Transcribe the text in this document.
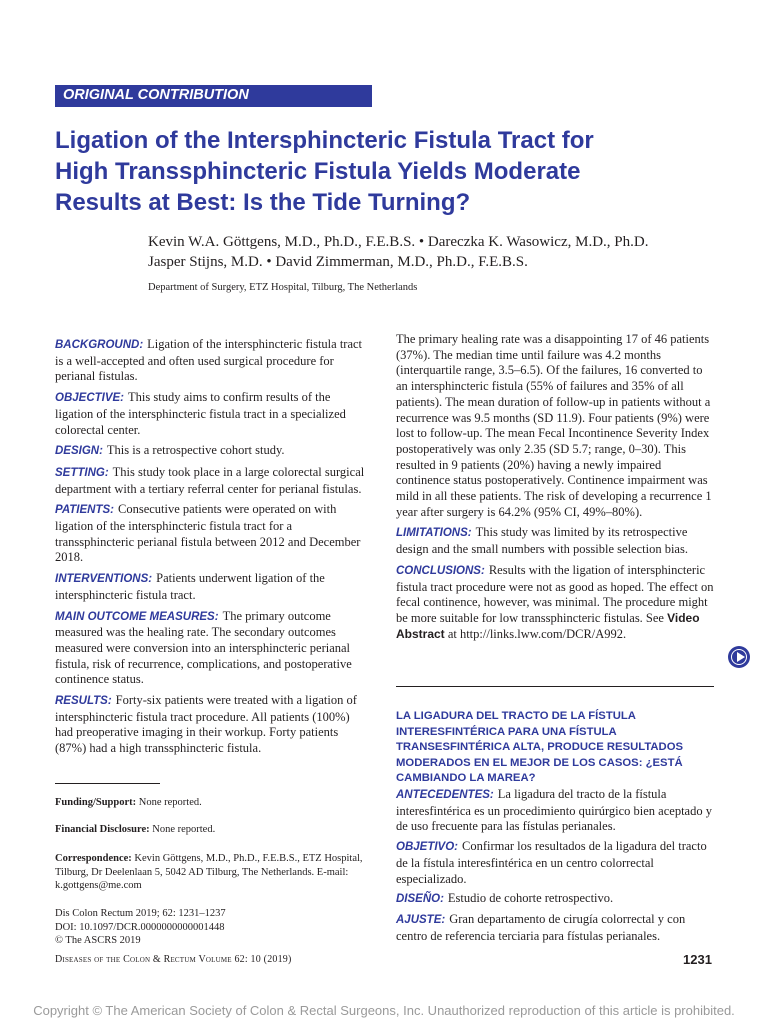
ORIGINAL CONTRIBUTION
Ligation of the Intersphincteric Fistula Tract for
High Transsphincteric Fistula Yields Moderate
Results at Best: Is the Tide Turning?
Kevin W.A. Göttgens, M.D., Ph.D., F.E.B.S. • Dareczka K. Wasowicz, M.D., Ph.D.
Jasper Stijns, M.D. • David Zimmerman, M.D., Ph.D., F.E.B.S.
Department of Surgery, ETZ Hospital, Tilburg, The Netherlands

BACKGROUND: Ligation of the intersphincteric fistula tract is a well-accepted and often used surgical procedure for perianal fistulas.

OBJECTIVE: This study aims to confirm results of the ligation of the intersphincteric fistula tract in a specialized colorectal center.

DESIGN: This is a retrospective cohort study.

SETTING: This study took place in a large colorectal surgical department with a tertiary referral center for perianal fistulas.

PATIENTS: Consecutive patients were operated on with ligation of the intersphincteric fistula tract for a transsphincteric perianal fistula between 2012 and December 2018.

INTERVENTIONS: Patients underwent ligation of the intersphincteric fistula tract.

MAIN OUTCOME MEASURES: The primary outcome measured was the healing rate. The secondary outcomes measured were conversion into an intersphincteric perianal fistula, risk of recurrence, complications, and postoperative continence status.

RESULTS: Forty-six patients were treated with a ligation of intersphincteric fistula tract procedure. All patients (100%) had preoperative imaging in their workup. Forty patients (87%) had a high transsphincteric fistula.

Funding/Support: None reported.
Financial Disclosure: None reported.
Correspondence: Kevin Göttgens, M.D., Ph.D., F.E.B.S., ETZ Hospital, Tilburg, Dr Deelenlaan 5, 5042 AD Tilburg, The Netherlands. E-mail: k.gottgens@me.com
Dis Colon Rectum 2019; 62: 1231–1237
DOI: 10.1097/DCR.0000000000001448
© The ASCRS 2019

The primary healing rate was a disappointing 17 of 46 patients (37%). The median time until failure was 4.2 months (interquartile range, 3.5–6.5). Of the failures, 16 converted to an intersphincteric fistula (55% of failures and 35% of all patients). The mean duration of follow-up in patients without a recurrence was 9.5 months (SD 11.9). Four patients (9%) were lost to follow-up. The mean Fecal Incontinence Severity Index postoperatively was only 2.35 (SD 5.7; range, 0–30). This resulted in 9 patients (20%) having a newly impaired continence status postoperatively. Continence impairment was mild in all these patients. The risk of developing a recurrence 1 year after surgery is 64.2% (95% CI, 49%–80%).

LIMITATIONS: This study was limited by its retrospective design and the small numbers with possible selection bias.

CONCLUSIONS: Results with the ligation of intersphincteric fistula tract procedure were not as good as hoped. The effect on fecal continence, however, was minimal. The procedure might be more suitable for low transsphincteric fistulas. See Video Abstract at http://links.lww.com/DCR/A992.

LA LIGADURA DEL TRACTO DE LA FÍSTULA
INTERESFINTÉRICA PARA UNA FÍSTULA
TRANSESFINTÉRICA ALTA, PRODUCE RESULTADOS
MODERADOS EN EL MEJOR DE LOS CASOS: ¿ESTÁ
CAMBIANDO LA MAREA?

ANTECEDENTES: La ligadura del tracto de la fístula interesfintérica es un procedimiento quirúrgico bien aceptado y de uso frecuente para las fístulas perianales.

OBJETIVO: Confirmar los resultados de la ligadura del tracto de la fístula interesfintérica en un centro colorrectal especializado.

DISEÑO: Estudio de cohorte retrospectivo.

AJUSTE: Gran departamento de cirugía colorrectal y con centro de referencia terciaria para fístulas perianales.

Diseases of the Colon & Rectum Volume 62: 10 (2019)	1231
Copyright © The American Society of Colon & Rectal Surgeons, Inc. Unauthorized reproduction of this article is prohibited.
